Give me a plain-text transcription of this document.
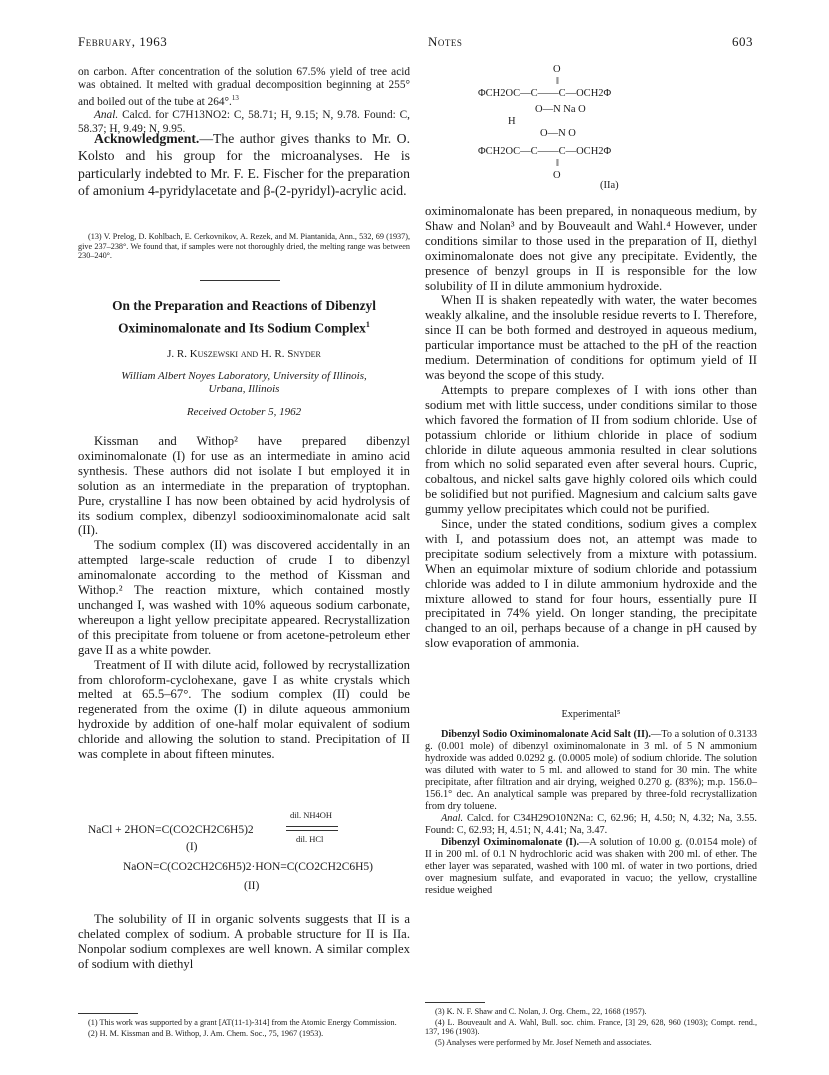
February, 1963	Notes	603

on carbon. After concentration of the solution 67.5% yield of tree acid was obtained. It melted with gradual decomposition beginning at 255° and boiled out of the tube at 264°.$^{13}$

Anal. Calcd. for C7H13NO2: C, 58.71; H, 9.15; N, 9.78. Found: C, 58.37; H, 9.49; N, 9.95.

Acknowledgment.—The author gives thanks to Mr. O. Kolsto and his group for the microanalyses. He is particularly indebted to Mr. F. E. Fischer for the preparation of amonium 4-pyridylacetate and β-(2-pyridyl)-acrylic acid.

(13) V. Prelog, D. Kohlbach, E. Cerkovnikov, A. Rezek, and M. Piantanida, Ann., 532, 69 (1937), give 237–238°. We found that, if samples were not thoroughly dried, the melting range was between 230–240°.

On the Preparation and Reactions of Dibenzyl
Oximinomalonate and Its Sodium Complex$^1$
J. R. Kuszewski and H. R. Snyder
William Albert Noyes Laboratory, University of Illinois,
Urbana, Illinois
Received October 5, 1962

Kissman and Withop² have prepared dibenzyl oximinomalonate (I) for use as an intermediate in amino acid synthesis. These authors did not isolate I but employed it in solution as an intermediate in the preparation of tryptophan. Pure, crystalline I has now been obtained by acid hydrolysis of its sodium complex, dibenzyl sodiooximinomalonate acid salt (II).

The sodium complex (II) was discovered accidentally in an attempted large-scale reduction of crude I to dibenzyl aminomalonate according to the method of Kissman and Withop.² The reaction mixture, which contained mostly unchanged I, was washed with 10% aqueous sodium carbonate, whereupon a light yellow precipitate appeared. Recrystallization of this precipitate from toluene or from acetone-petroleum ether gave II as a white powder.

Treatment of II with dilute acid, followed by recrystallization from chloroform-cyclohexane, gave I as white crystals which melted at 65.5–67°. The sodium complex (II) could be regenerated from the oxime (I) in dilute aqueous ammonium hydroxide by addition of one-half molar equivalent of sodium chloride and allowing the solution to stand. Precipitation of II was complete in about fifteen minutes.

NaCl + 2HON=C(CO2CH2C6H5)2
dil. NH4OH
dil. HCl
(I)
NaON=C(CO2CH2C6H5)2·HON=C(CO2CH2C6H5)
(II)

The solubility of II in organic solvents suggests that II is a chelated complex of sodium. A probable structure for II is IIa. Nonpolar sodium complexes are well known. A similar complex of sodium with diethyl

(1) This work was supported by a grant [AT(11-1)-314] from the Atomic Energy Commission.

(2) H. M. Kissman and B. Withop, J. Am. Chem. Soc., 75, 1967 (1953).

O
‖
ΦCH2OC—C——C—OCH2Φ
O—N Na O
H
O—N O
ΦCH2OC—C——C—OCH2Φ
‖
O
(IIa)

oximinomalonate has been prepared, in nonaqueous medium, by Shaw and Nolan³ and by Bouveault and Wahl.⁴ However, under conditions similar to those used in the preparation of II, diethyl oximinomalonate does not give any precipitate. Evidently, the presence of benzyl groups in II is responsible for the low solubility of II in dilute ammonium hydroxide.

When II is shaken repeatedly with water, the water becomes weakly alkaline, and the insoluble residue reverts to I. Therefore, since II can be both formed and destroyed in aqueous medium, particular importance must be attached to the pH of the reaction medium. Determination of conditions for optimum yield of II was beyond the scope of this study.

Attempts to prepare complexes of I with ions other than sodium met with little success, under conditions similar to those which favored the formation of II from sodium chloride. Use of potassium chloride or lithium chloride in place of sodium chloride in dilute aqueous ammonia resulted in clear solutions from which no solid separated even after several hours. Cupric, cobaltous, and nickel salts gave highly colored oils which could be solidified but not purified. Magnesium and calcium salts gave gummy yellow precipitates which could not be purified.

Since, under the stated conditions, sodium gives a complex with I, and potassium does not, an attempt was made to precipitate sodium selectively from a mixture with potassium. When an equimolar mixture of sodium chloride and potassium chloride was added to I in dilute ammonium hydroxide and the mixture allowed to stand for four hours, essentially pure II precipitated in 74% yield. On longer standing, the precipitate changed to an oil, perhaps because of a change in pH caused by slow evaporation of ammonia.

Experimental⁵

Dibenzyl Sodio Oximinomalonate Acid Salt (II).—To a solution of 0.3133 g. (0.001 mole) of dibenzyl oximinomalonate in 3 ml. of 5 N ammonium hydroxide was added 0.0292 g. (0.0005 mole) of sodium chloride. The solution was diluted with water to 5 ml. and allowed to stand for 30 min. The white precipitate, after filtration and air drying, weighed 0.270 g. (83%); m.p. 156.0–156.1° dec. An analytical sample was prepared by three-fold recrystallization from dry toluene.

Anal. Calcd. for C34H29O10N2Na: C, 62.96; H, 4.50; N, 4.32; Na, 3.55. Found: C, 62.93; H, 4.51; N, 4.41; Na, 3.47.

Dibenzyl Oximinomalonate (I).—A solution of 10.00 g. (0.0154 mole) of II in 200 ml. of 0.1 N hydrochloric acid was shaken with 200 ml. of ether. The ether layer was separated, washed with 100 ml. of water in two portions, dried over magnesium sulfate, and evaporated in vacuo; the yellow, crystalline residue weighed

(3) K. N. F. Shaw and C. Nolan, J. Org. Chem., 22, 1668 (1957).

(4) L. Bouveault and A. Wahl, Bull. soc. chim. France, [3] 29, 628, 960 (1903); Compt. rend., 137, 196 (1903).

(5) Analyses were performed by Mr. Josef Nemeth and associates.
